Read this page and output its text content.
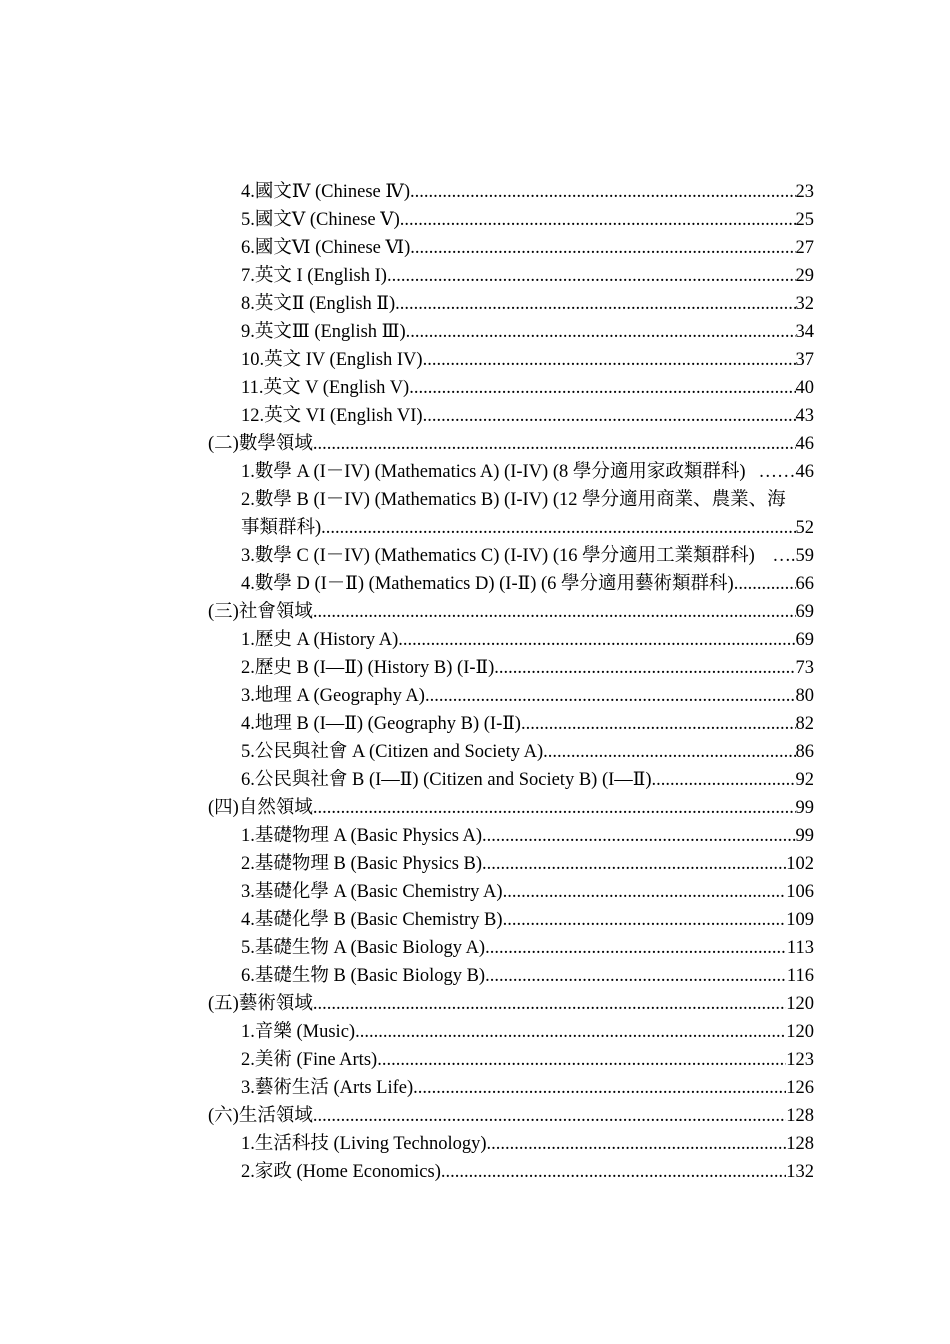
4.國文Ⅳ (Chinese Ⅳ) .....	23
5.國文Ⅴ (Chinese Ⅴ) .....	25
6.國文Ⅵ (Chinese Ⅵ) .....	27
7.英文 I (English I) .....	29
8.英文Ⅱ (English Ⅱ) .....	32
9.英文Ⅲ (English Ⅲ) .....	34
10.英文 IV (English IV) .....	37
11.英文 V (English V) .....	40
12.英文 VI (English VI) .....	43
(二)數學領域 .....	46
1.數學 A (I－IV) (Mathematics A) (I-IV) (8 學分適用家政類群科) ……46
2.數學 B (I－IV) (Mathematics B) (I-IV) (12 學分適用商業、農業、海
事類群科) .....	52
3.數學 C (I－IV) (Mathematics C) (I-IV) (16 學分適用工業類群科) ….59
4.數學 D (I－Ⅱ) (Mathematics D) (I-Ⅱ) (6 學分適用藝術類群科) .....	66
(三)社會領域 .....	69
1.歷史 A (History A) .....	69
2.歷史 B (I—Ⅱ) (History B) (I-Ⅱ) .....	73
3.地理 A (Geography A) .....	80
4.地理 B (I—Ⅱ) (Geography B) (I-Ⅱ) .....	82
5.公民與社會 A (Citizen and Society A) .....	86
6.公民與社會 B (I—Ⅱ) (Citizen and Society B) (I—Ⅱ) .....	92
(四)自然領域 .....	99
1.基礎物理 A (Basic Physics A) .....	99
2.基礎物理 B (Basic Physics B) .....	102
3.基礎化學 A (Basic Chemistry A) .....	106
4.基礎化學 B (Basic Chemistry B) .....	109
5.基礎生物 A (Basic Biology A) .....	113
6.基礎生物 B (Basic Biology B) .....	116
(五)藝術領域 .....	120
1.音樂 (Music) .....	120
2.美術 (Fine Arts) .....	123
3.藝術生活 (Arts Life) .....	126
(六)生活領域 .....	128
1.生活科技 (Living Technology) .....	128
2.家政 (Home Economics) .....	132
